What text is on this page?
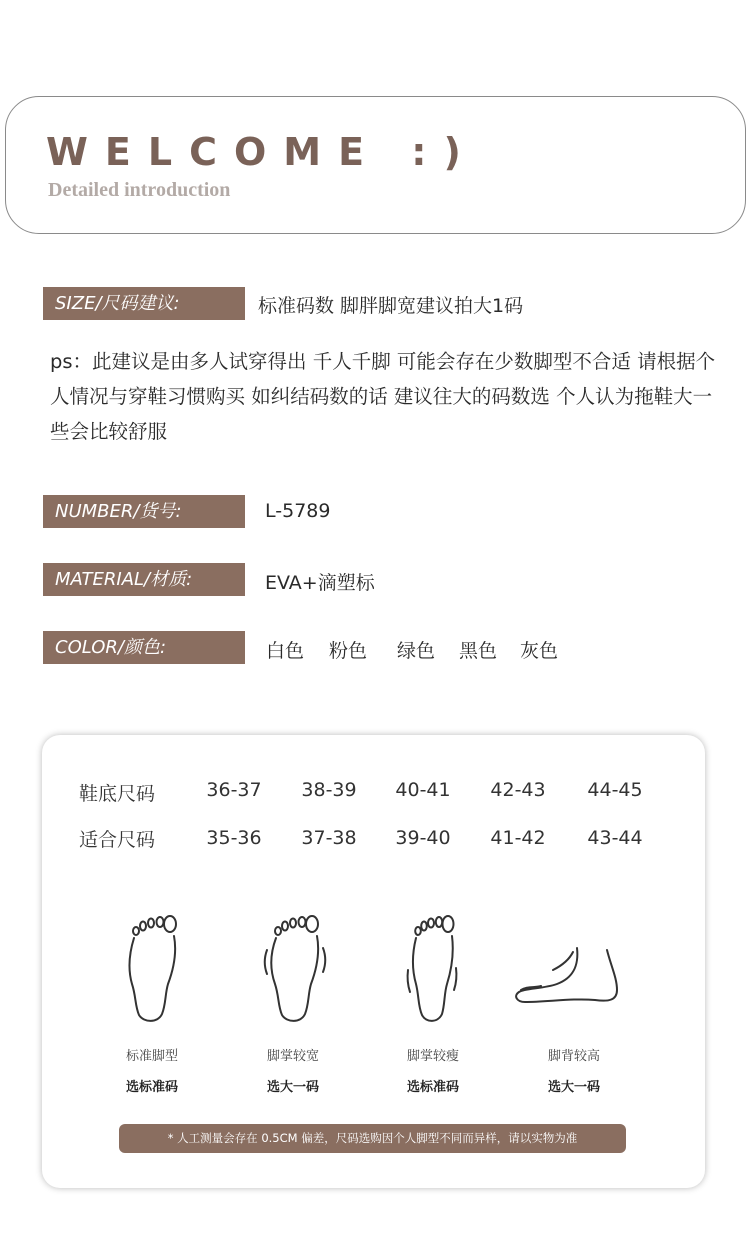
WELCOME :)
Detailed introduction
SIZE/尺码建议:	标准码数 脚胖脚宽建议拍大1码
ps：此建议是由多人试穿得出 千人千脚 可能会存在少数脚型不合适 请根据个人情况与穿鞋习惯购买 如纠结码数的话 建议往大的码数选 个人认为拖鞋大一些会比较舒服
NUMBER/货号:	L-5789
MATERIAL/材质:	EVA+滴塑标
COLOR/颜色:	白色 粉色 绿色 黑色 灰色
鞋底尺码	36-37	38-39	40-41	42-43	44-45
适合尺码	35-36	37-38	39-40	41-42	43-44
标准脚型
选标准码
脚掌较宽
选大一码
脚掌较瘦
选标准码
脚背较高
选大一码
* 人工测量会存在 0.5CM 偏差，尺码选购因个人脚型不同而异样，请以实物为准
